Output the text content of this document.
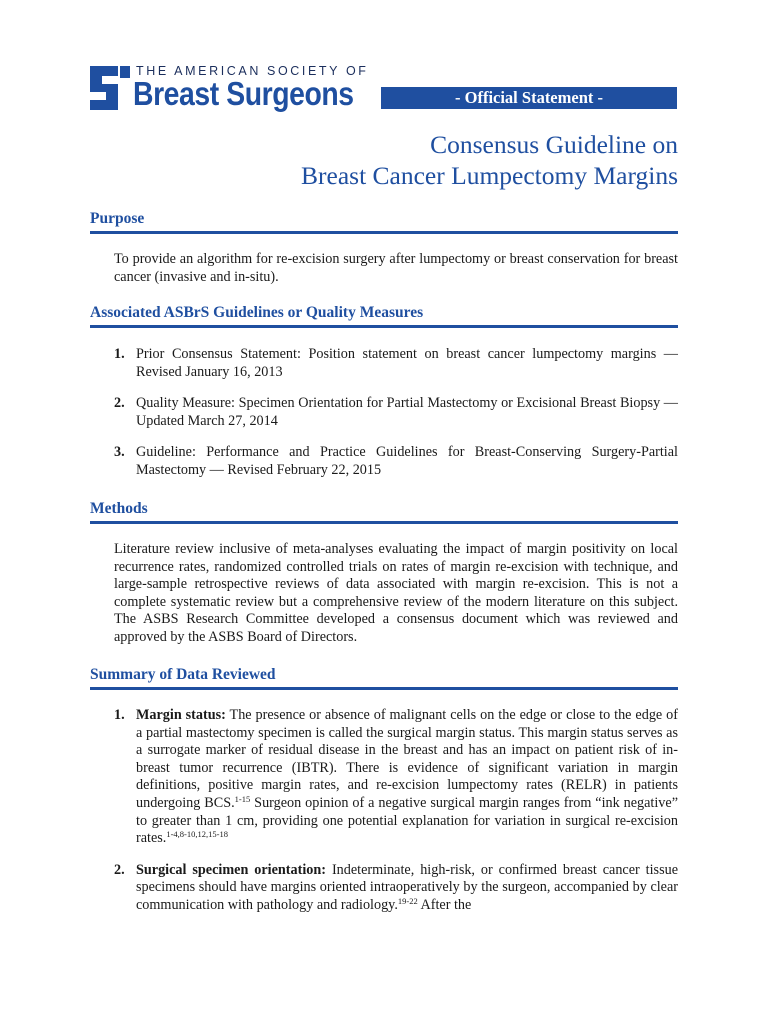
THE AMERICAN SOCIETY OF
Breast Surgeons	- Official Statement -
Consensus Guideline on
Breast Cancer Lumpectomy Margins
Purpose
To provide an algorithm for re-excision surgery after lumpectomy or breast conservation for breast cancer (invasive and in-situ).
Associated ASBrS Guidelines or Quality Measures
1. Prior Consensus Statement: Position statement on breast cancer lumpectomy margins — Revised January 16, 2013
2. Quality Measure: Specimen Orientation for Partial Mastectomy or Excisional Breast Biopsy — Updated March 27, 2014
3. Guideline: Performance and Practice Guidelines for Breast-Conserving Surgery-Partial Mastectomy — Revised February 22, 2015
Methods
Literature review inclusive of meta-analyses evaluating the impact of margin positivity on local recurrence rates, randomized controlled trials on rates of margin re-excision with technique, and large-sample retrospective reviews of data associated with margin re-excision. This is not a complete systematic review but a comprehensive review of the modern literature on this subject. The ASBS Research Committee developed a consensus document which was reviewed and approved by the ASBS Board of Directors.
Summary of Data Reviewed
1. Margin status: The presence or absence of malignant cells on the edge or close to the edge of a partial mastectomy specimen is called the surgical margin status. This margin status serves as a surrogate marker of residual disease in the breast and has an impact on patient risk of in-breast tumor recurrence (IBTR). There is evidence of significant variation in margin definitions, positive margin rates, and re-excision lumpectomy rates (RELR) in patients undergoing BCS.$^{1-15}$ Surgeon opinion of a negative surgical margin ranges from “ink negative” to greater than 1 cm, providing one potential explanation for variation in surgical re-excision rates.$^{1-4,8-10,12,15-18}$
2. Surgical specimen orientation: Indeterminate, high-risk, or confirmed breast cancer tissue specimens should have margins oriented intraoperatively by the surgeon, accompanied by clear communication with pathology and radiology.$^{19-22}$ After the
